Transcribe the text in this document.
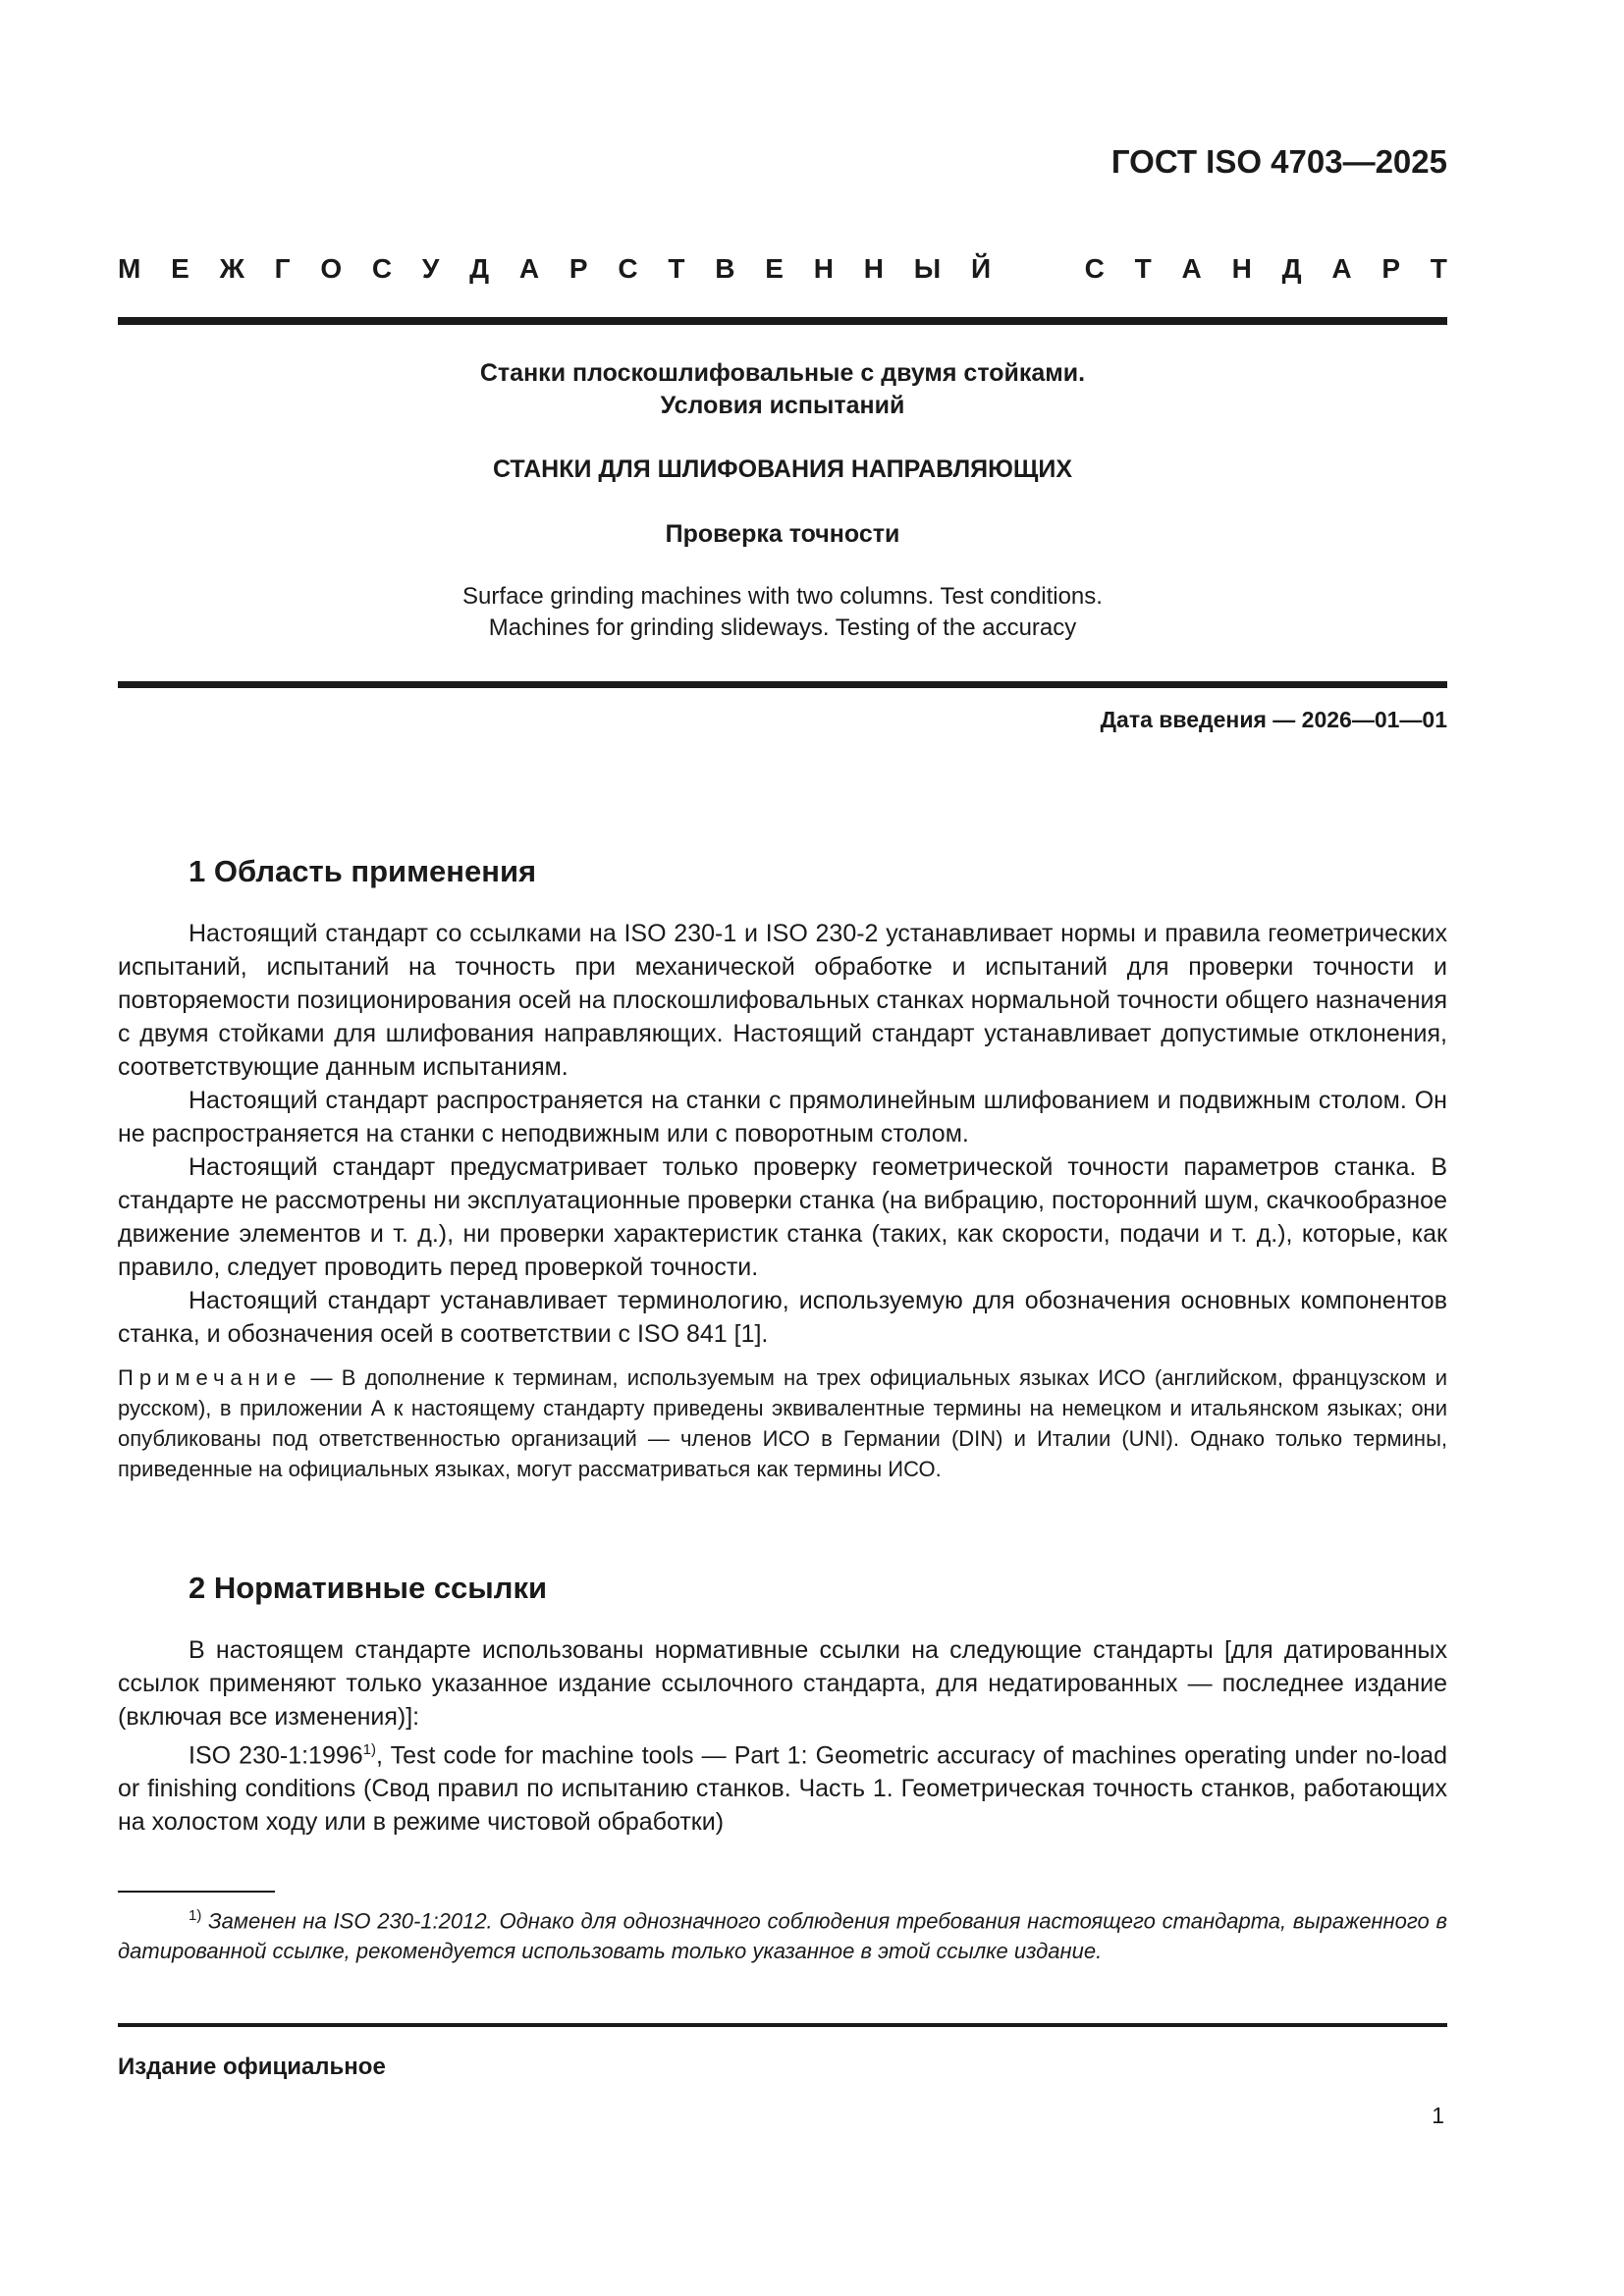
ГОСТ ISO 4703—2025
М Е Ж Г О С У Д А Р С Т В Е Н Н Ы Й	С Т А Н Д А Р Т
Станки плоскошлифовальные с двумя стойками.
Условия испытаний
СТАНКИ ДЛЯ ШЛИФОВАНИЯ НАПРАВЛЯЮЩИХ
Проверка точности
Surface grinding machines with two columns. Test conditions.
Machines for grinding slideways. Testing of the accuracy
Дата введения — 2026—01—01
1 Область применения

Настоящий стандарт со ссылками на ISO 230-1 и ISO 230-2 устанавливает нормы и правила геометрических испытаний, испытаний на точность при механической обработке и испытаний для проверки точности и повторяемости позиционирования осей на плоскошлифовальных станках нормальной точности общего назначения с двумя стойками для шлифования направляющих. Настоящий стандарт устанавливает допустимые отклонения, соответствующие данным испытаниям.

Настоящий стандарт распространяется на станки с прямолинейным шлифованием и подвижным столом. Он не распространяется на станки с неподвижным или с поворотным столом.

Настоящий стандарт предусматривает только проверку геометрической точности параметров станка. В стандарте не рассмотрены ни эксплуатационные проверки станка (на вибрацию, посторонний шум, скачкообразное движение элементов и т. д.), ни проверки характеристик станка (таких, как скорости, подачи и т. д.), которые, как правило, следует проводить перед проверкой точности.

Настоящий стандарт устанавливает терминологию, используемую для обозначения основных компонентов станка, и обозначения осей в соответствии с ISO 841 [1].

Примечание — В дополнение к терминам, используемым на трех официальных языках ИСО (английском, французском и русском), в приложении А к настоящему стандарту приведены эквивалентные термины на немецком и итальянском языках; они опубликованы под ответственностью организаций — членов ИСО в Германии (DIN) и Италии (UNI). Однако только термины, приведенные на официальных языках, могут рассматриваться как термины ИСО.
2 Нормативные ссылки

В настоящем стандарте использованы нормативные ссылки на следующие стандарты [для датированных ссылок применяют только указанное издание ссылочного стандарта, для недатированных — последнее издание (включая все изменения)]:

ISO 230-1:1996$^{1)}$, Test code for machine tools — Part 1: Geometric accuracy of machines operating under no-load or finishing conditions (Свод правил по испытанию станков. Часть 1. Геометрическая точность станков, работающих на холостом ходу или в режиме чистовой обработки)

$^{1)}$ Заменен на ISO 230-1:2012. Однако для однозначного соблюдения требования настоящего стандарта, выраженного в датированной ссылке, рекомендуется использовать только указанное в этой ссылке издание.
Издание официальное
1
